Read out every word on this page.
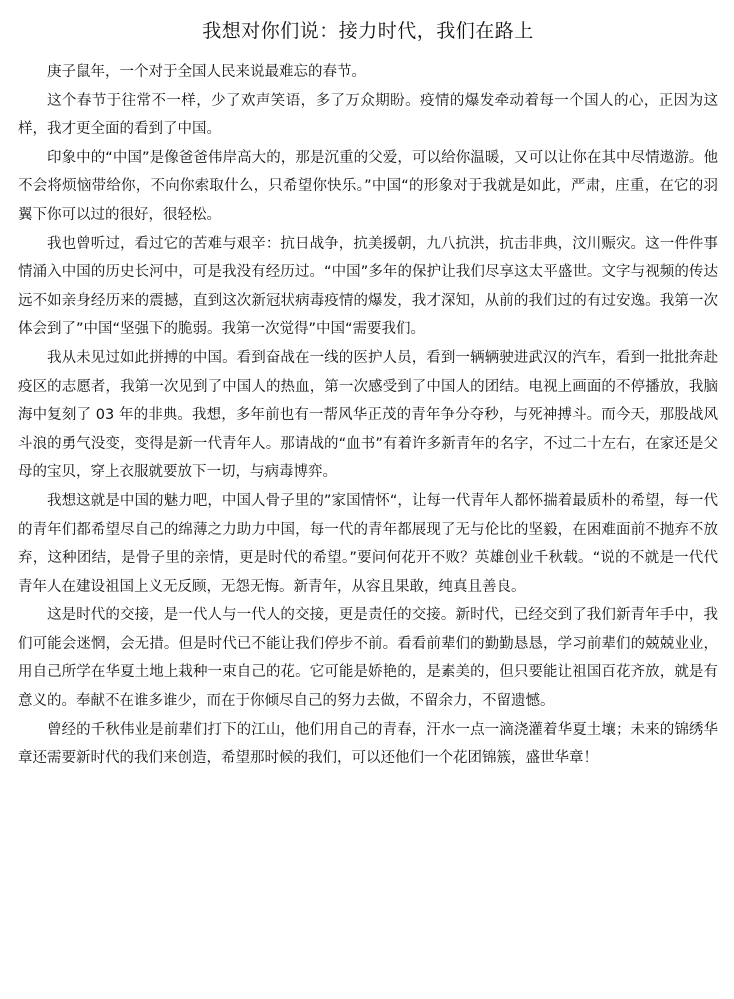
我想对你们说：接力时代，我们在路上

庚子鼠年，一个对于全国人民来说最难忘的春节。

这个春节于往常不一样，少了欢声笑语，多了万众期盼。疫情的爆发牵动着每一个国人的心，正因为这样，我才更全面的看到了中国。

印象中的“中国”是像爸爸伟岸高大的，那是沉重的父爱，可以给你温暖，又可以让你在其中尽情遨游。他不会将烦恼带给你，不向你索取什么，只希望你快乐。”中国“的形象对于我就是如此，严肃，庄重，在它的羽翼下你可以过的很好，很轻松。

我也曾听过，看过它的苦难与艰辛：抗日战争，抗美援朝，九八抗洪，抗击非典，汶川赈灾。这一件件事情涌入中国的历史长河中，可是我没有经历过。“中国”多年的保护让我们尽享这太平盛世。文字与视频的传达远不如亲身经历来的震撼，直到这次新冠状病毒疫情的爆发，我才深知，从前的我们过的有过安逸。我第一次体会到了”中国“坚强下的脆弱。我第一次觉得”中国“需要我们。

我从未见过如此拼搏的中国。看到奋战在一线的医护人员，看到一辆辆驶进武汉的汽车，看到一批批奔赴疫区的志愿者，我第一次见到了中国人的热血，第一次感受到了中国人的团结。电视上画面的不停播放，我脑海中复刻了 03 年的非典。我想，多年前也有一帮风华正茂的青年争分夺秒，与死神搏斗。而今天，那股战风斗浪的勇气没变，变得是新一代青年人。那请战的“血书”有着许多新青年的名字，不过二十左右，在家还是父母的宝贝，穿上衣服就要放下一切，与病毒博弈。

我想这就是中国的魅力吧，中国人骨子里的”家国情怀“，让每一代青年人都怀揣着最质朴的希望，每一代的青年们都希望尽自己的绵薄之力助力中国，每一代的青年都展现了无与伦比的坚毅，在困难面前不抛弃不放弃，这种团结，是骨子里的亲情，更是时代的希望。”要问何花开不败？英雄创业千秋载。“说的不就是一代代青年人在建设祖国上义无反顾，无怨无悔。新青年，从容且果敢，纯真且善良。

这是时代的交接，是一代人与一代人的交接，更是责任的交接。新时代，已经交到了我们新青年手中，我们可能会迷惘，会无措。但是时代已不能让我们停步不前。看看前辈们的勤勤恳恳，学习前辈们的兢兢业业，用自己所学在华夏土地上栽种一束自己的花。它可能是娇艳的，是素美的，但只要能让祖国百花齐放，就是有意义的。奉献不在谁多谁少，而在于你倾尽自己的努力去做，不留余力，不留遗憾。

曾经的千秋伟业是前辈们打下的江山，他们用自己的青春，汗水一点一滴浇灌着华夏土壤；未来的锦绣华章还需要新时代的我们来创造，希望那时候的我们，可以还他们一个花团锦簇，盛世华章！
